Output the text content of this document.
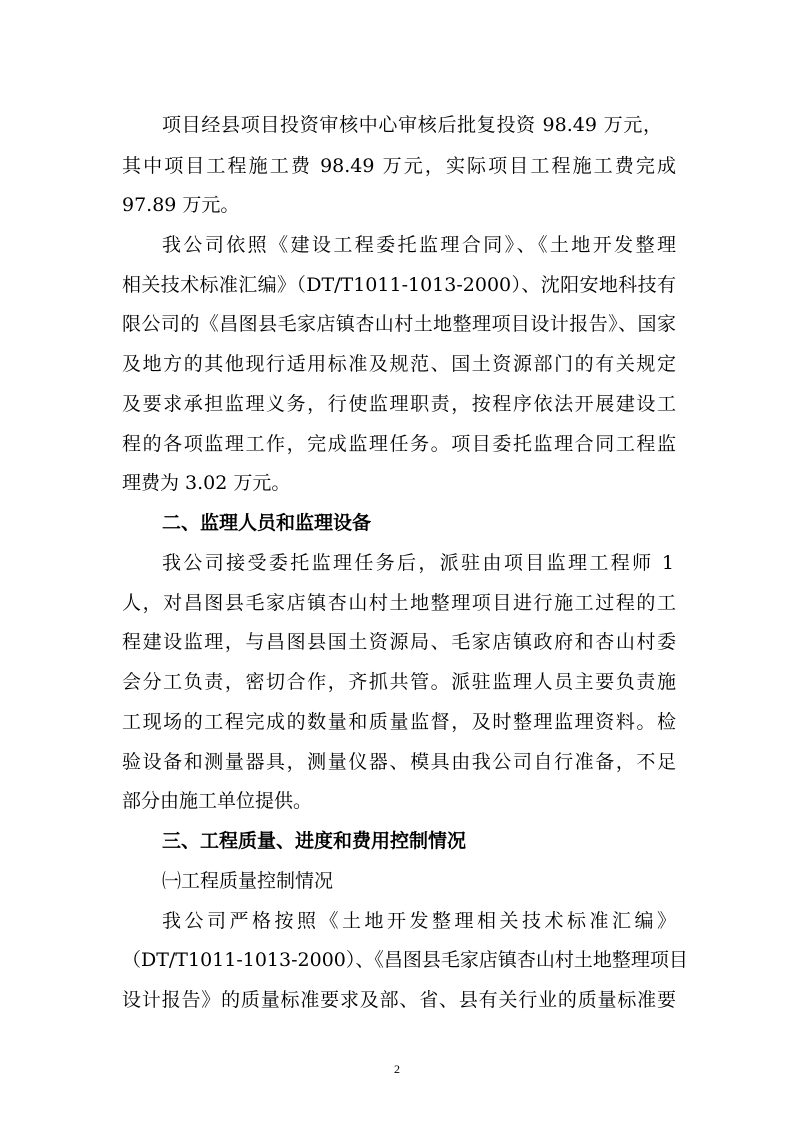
项目经县项目投资审核中心审核后批复投资 98.49 万元，
其中项目工程施工费 98.49 万元，实际项目工程施工费完成
97.89 万元。
我公司依照《建设工程委托监理合同》、《土地开发整理
相关技术标准汇编》（DT/T1011-1013-2000）、沈阳安地科技有
限公司的《昌图县毛家店镇杏山村土地整理项目设计报告》、国家
及地方的其他现行适用标准及规范、国土资源部门的有关规定
及要求承担监理义务，行使监理职责，按程序依法开展建设工
程的各项监理工作，完成监理任务。项目委托监理合同工程监
理费为 3.02 万元。
二、监理人员和监理设备
我公司接受委托监理任务后，派驻由项目监理工程师 1
人，对昌图县毛家店镇杏山村土地整理项目进行施工过程的工
程建设监理，与昌图县国土资源局、毛家店镇政府和杏山村委
会分工负责，密切合作，齐抓共管。派驻监理人员主要负责施
工现场的工程完成的数量和质量监督，及时整理监理资料。检
验设备和测量器具，测量仪器、模具由我公司自行准备，不足
部分由施工单位提供。
三、工程质量、进度和费用控制情况
㈠工程质量控制情况
我公司严格按照《土地开发整理相关技术标准汇编》
（DT/T1011-1013-2000）、《昌图县毛家店镇杏山村土地整理项目
设计报告》的质量标准要求及部、省、县有关行业的质量标准要
2
